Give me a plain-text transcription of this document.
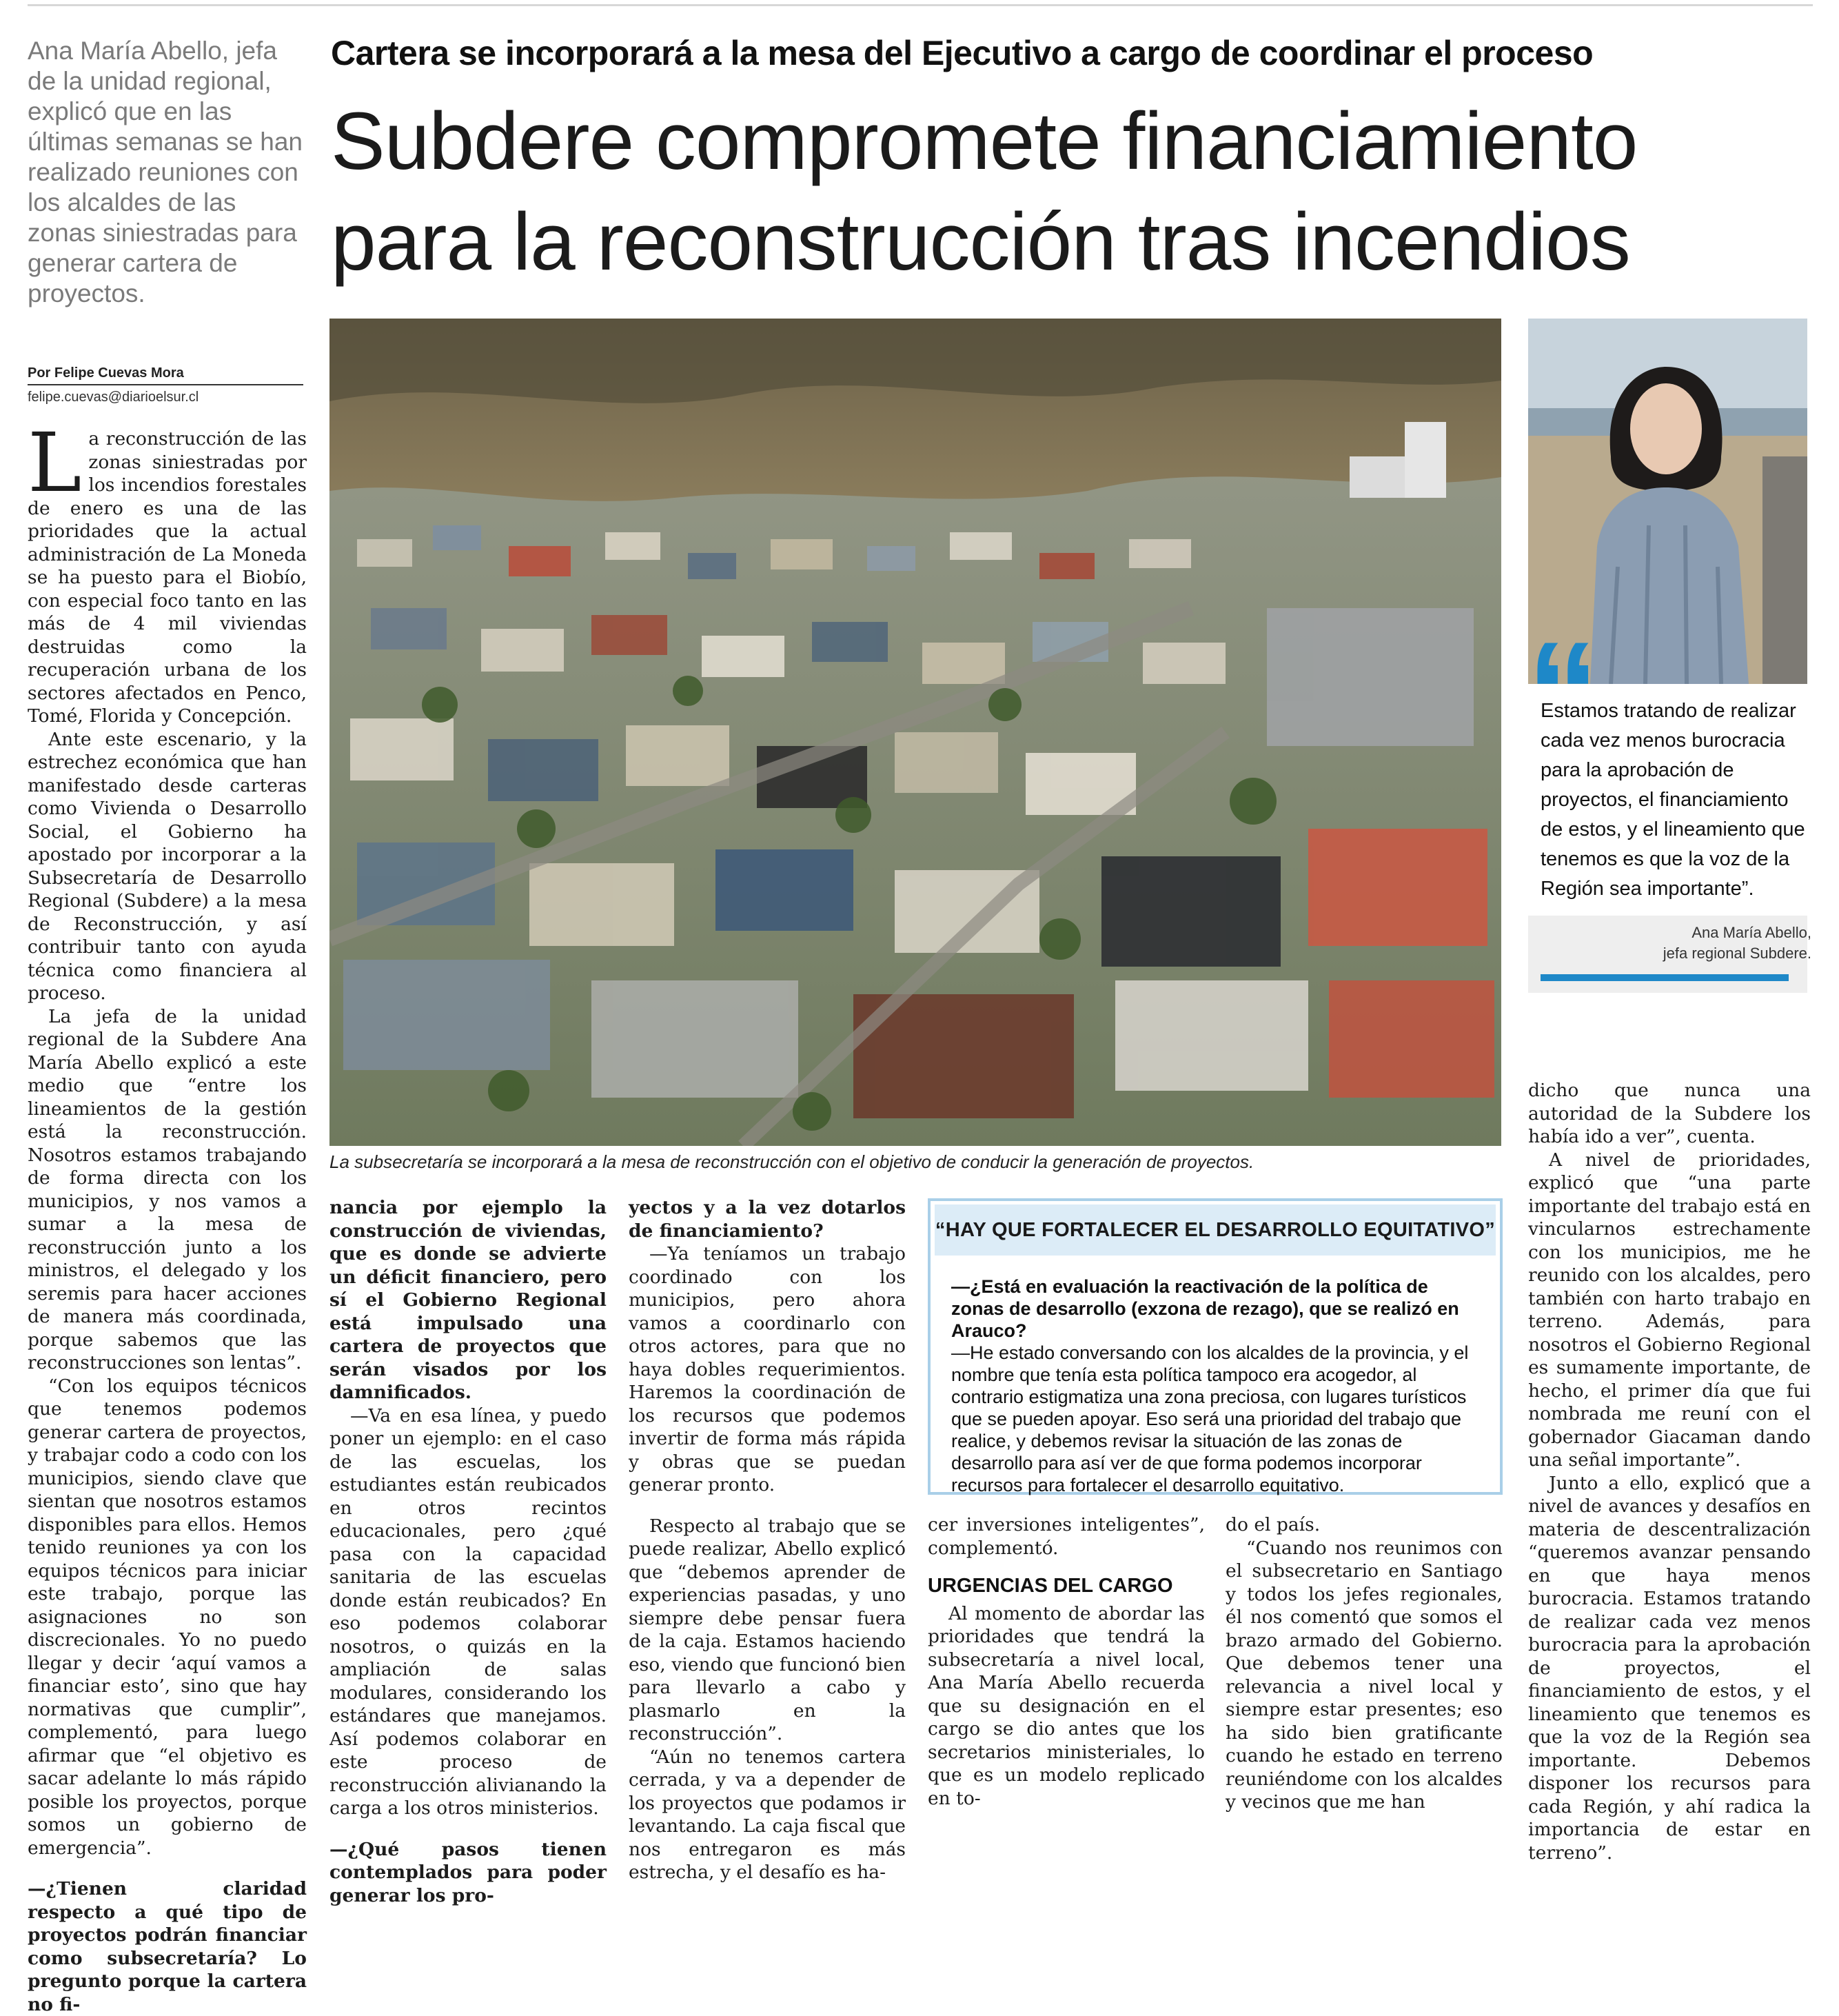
Ana María Abello, jefa de la unidad regional, explicó que en las últimas semanas se han realizado reuniones con los alcaldes de las zonas siniestradas para generar cartera de proyectos.
Por Felipe Cuevas Mora
felipe.cuevas@diarioelsur.cl
Cartera se incorporará a la mesa del Ejecutivo a cargo de coordinar el proceso
Subdere compromete financiamiento
para la reconstrucción tras incendios
La subsecretaría se incorporará a la mesa de reconstrucción con el objetivo de conducir la generación de proyectos.
“
Estamos tratando de realizar cada vez menos burocracia para la aprobación de proyectos, el financiamiento de estos, y el lineamiento que tenemos es que la voz de la Región sea importante”.
Ana María Abello,
jefa regional Subdere.

La reconstrucción de las zonas siniestradas por los incendios forestales de enero es una de las prioridades que la actual administración de La Moneda se ha puesto para el Biobío, con especial foco tanto en las más de 4 mil viviendas destruidas como la recuperación urbana de los sectores afectados en Penco, Tomé, Florida y Concepción.

Ante este escenario, y la estrechez económica que han manifestado desde carteras como Vivienda o Desarrollo Social, el Gobierno ha apostado por incorporar a la Subsecretaría de Desarrollo Regional (Subdere) a la mesa de Reconstrucción, y así contribuir tanto con ayuda técnica como financiera al proceso.

La jefa de la unidad regional de la Subdere Ana María Abello explicó a este medio que “entre los lineamientos de la gestión está la reconstrucción. Nosotros estamos trabajando de forma directa con los municipios, y nos vamos a sumar a la mesa de reconstrucción junto a los ministros, el delegado y los seremis para hacer acciones de manera más coordinada, porque sabemos que las reconstrucciones son lentas”.

“Con los equipos técnicos que tenemos podemos generar cartera de proyectos, y trabajar codo a codo con los municipios, siendo clave que sientan que nosotros estamos disponibles para ellos. Hemos tenido reuniones ya con los equipos técnicos para iniciar este trabajo, porque las asignaciones no son discrecionales. Yo no puedo llegar y decir ‘aquí vamos a financiar esto’, sino que hay normativas que cumplir”, complementó, para luego afirmar que “el objetivo es sacar adelante lo más rápido posible los proyectos, porque somos un gobierno de emergencia”.

—¿Tienen claridad respecto a qué tipo de proyectos podrán financiar como subsecretaría? Lo pregunto porque la cartera no fi-

nancia por ejemplo la construcción de viviendas, que es donde se advierte un déficit financiero, pero sí el Gobierno Regional está impulsado una cartera de proyectos que serán visados por los damnificados.

—Va en esa línea, y puedo poner un ejemplo: en el caso de las escuelas, los estudiantes están reubicados en otros recintos educacionales, pero ¿qué pasa con la capacidad sanitaria de las escuelas donde están reubicados? En eso podemos colaborar nosotros, o quizás en la ampliación de salas modulares, considerando los estándares que manejamos. Así podemos colaborar en este proceso de reconstrucción alivianando la carga a los otros ministerios.

—¿Qué pasos tienen contemplados para poder generar los pro-

yectos y a la vez dotarlos de financiamiento?

—Ya teníamos un trabajo coordinado con los municipios, pero ahora vamos a coordinarlo con otros actores, para que no haya dobles requerimientos. Haremos la coordinación de los recursos que podemos invertir de forma más rápida y obras que se puedan generar pronto.

Respecto al trabajo que se puede realizar, Abello explicó que “debemos aprender de experiencias pasadas, y uno siempre debe pensar fuera de la caja. Estamos haciendo eso, viendo que funcionó bien para llevarlo a cabo y plasmarlo en la reconstrucción”.

“Aún no tenemos cartera cerrada, y va a depender de los proyectos que podamos ir levantando. La caja fiscal que nos entregaron es más estrecha, y el desafío es ha-

“HAY QUE FORTALECER EL DESARROLLO EQUITATIVO”

—¿Está en evaluación la reactivación de la política de zonas de desarrollo (exzona de rezago), que se realizó en Arauco?

—He estado conversando con los alcaldes de la provincia, y el nombre que tenía esta política tampoco era acogedor, al contrario estigmatiza una zona preciosa, con lugares turísticos que se pueden apoyar. Eso será una prioridad del trabajo que realice, y debemos revisar la situación de las zonas de desarrollo para así ver de que forma podemos incorporar recursos para fortalecer el desarrollo equitativo.

cer inversiones inteligentes”, complementó.

URGENCIAS DEL CARGO

Al momento de abordar las prioridades que tendrá la subsecretaría a nivel local, Ana María Abello recuerda que su designación en el cargo se dio antes que los secretarios ministeriales, lo que es un modelo replicado en to-

do el país.

“Cuando nos reunimos con el subsecretario en Santiago y todos los jefes regionales, él nos comentó que somos el brazo armado del Gobierno. Que debemos tener una relevancia a nivel local y siempre estar presentes; eso ha sido bien gratificante cuando he estado en terreno reuniéndome con los alcaldes y vecinos que me han

dicho que nunca una autoridad de la Subdere los había ido a ver”, cuenta.

A nivel de prioridades, explicó que “una parte importante del trabajo está en vincularnos estrechamente con los municipios, me he reunido con los alcaldes, pero también con harto trabajo en terreno. Además, para nosotros el Gobierno Regional es sumamente importante, de hecho, el primer día que fui nombrada me reuní con el gobernador Giacaman dando una señal importante”.

Junto a ello, explicó que a nivel de avances y desafíos en materia de descentralización “queremos avanzar pensando en que haya menos burocracia. Estamos tratando de realizar cada vez menos burocracia para la aprobación de proyectos, el financiamiento de estos, y el lineamiento que tenemos es que la voz de la Región sea importante. Debemos disponer los recursos para cada Región, y ahí radica la importancia de estar en terreno”.
